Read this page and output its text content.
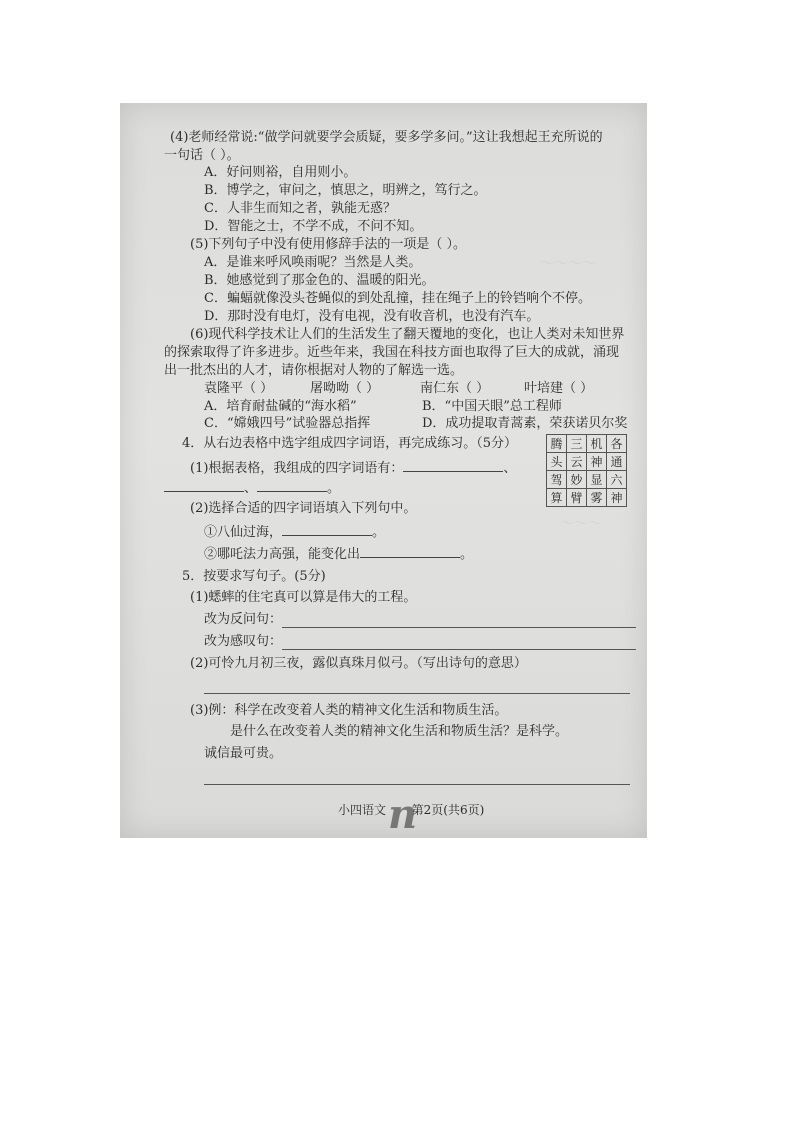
～～～～
～～～
(4)老师经常说:“做学问就要学会质疑，要多学多问。”这让我想起王充所说的
一句话（ ）。
A．好问则裕，自用则小。
B．博学之，审问之，慎思之，明辨之，笃行之。
C．人非生而知之者，孰能无惑？
D．智能之士，不学不成，不问不知。
(5)下列句子中没有使用修辞手法的一项是（ ）。
A．是谁来呼风唤雨呢？当然是人类。
B．她感觉到了那金色的、温暖的阳光。
C．蝙蝠就像没头苍蝇似的到处乱撞，挂在绳子上的铃铛响个不停。
D．那时没有电灯，没有电视，没有收音机，也没有汽车。
(6)现代科学技术让人们的生活发生了翻天覆地的变化，也让人类对未知世界
的探索取得了许多进步。近些年来，我国在科技方面也取得了巨大的成就，涌现
出一批杰出的人才，请你根据对人物的了解选一选。
袁隆平（ ）	屠呦呦（ ）	南仁东（ ）	叶培建（ ）
A．培育耐盐碱的“海水稻”	B．“中国天眼”总工程师
C．“嫦娥四号”试验器总指挥	D．成功提取青蒿素，荣获诺贝尔奖
4．从右边表格中选字组成四字词语，再完成练习。（5分）	腾	三	机	各
头	云	神	通
驾	妙	显	六
算	臂	雾	神
(1)根据表格，我组成的四字词语有：	、
、	。
(2)选择合适的四字词语填入下列句中。
①八仙过海，	。
②哪吒法力高强，能变化出	。
5．按要求写句子。(5分)
(1)蟋蟀的住宅真可以算是伟大的工程。
改为反问句：
改为感叹句：
(2)可怜九月初三夜，露似真珠月似弓。（写出诗句的意思）
(3)例：科学在改变着人类的精神文化生活和物质生活。
是什么在改变着人类的精神文化生活和物质生活？是科学。
诚信最可贵。
n
小四语文 第2页(共6页)
